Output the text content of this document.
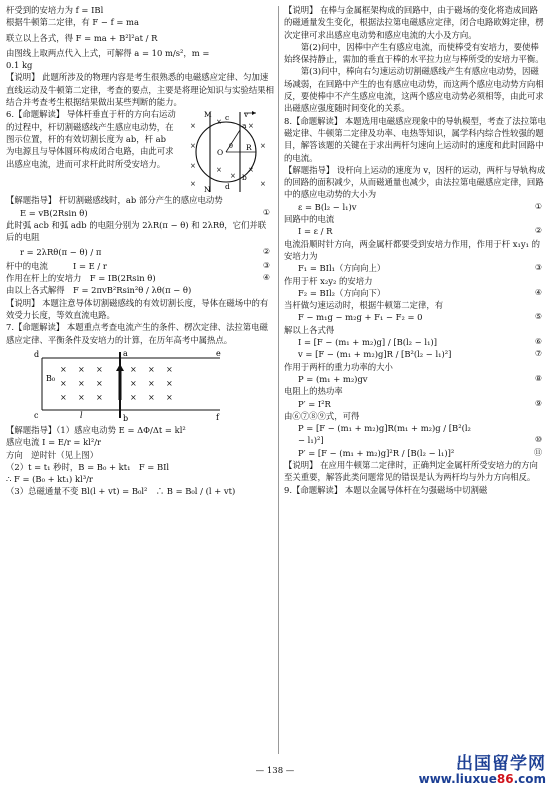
杆受到的安培力为 f = IBl

根据牛顿第二定律，有 F − f = ma

联立以上各式，得 F = ma + B²l²at / R

由图线上取两点代入上式，可解得 a = 10 m/s²，m =

0.1 kg

【说明】 此题所涉及的物理内容是考生很熟悉的电磁感应定律、匀加速直线运动及牛顿第二定律，考查的要点，主要是将理论知识与实验结果相结合并考查考生根据结果做出某些判断的能力。

×
×
×
×
×
×
×
×
×
×
×
M c
a
v
O
θ R
d
b
N

6.【命题解读】 导体杆垂直于杆的方向右运动的过程中，杆切割磁感线产生感应电动势，在图示位置，杆的有效切割长度为 ab，杆 ab 为电源且与导体圆环构成闭合电路，由此可求出感应电流，进而可求杆此时所受安培力。

【解题指导】 杆切割磁感线时，ab 部分产生的感应电动势

E = vB(2Rsin θ)	①

此时弧 acb 和弧 adb 的电阻分别为 2λR(π − θ) 和 2λRθ，它们并联后的电阻

r = 2λRθ(π − θ) / π	②
杆中的电流　　　	I = E / r	③
作用在杆上的安培力　 F = IB(2Rsin θ)	④
由以上各式解得　 F = 2πvB²Rsin²θ / λθ(π − θ)

【说明】 本题注意导体切割磁感线的有效切割长度，导体在磁场中的有效受力长度，等效直流电路。

7.【命题解读】 本题重点考查电流产生的条件、楞次定律、法拉第电磁感应定律、平衡条件及安培力的计算，在历年高考中属热点。

× × ×	× × ×
× × ×	× × ×
× × ×	× × ×
d	a	e
c	b	f
B₀
l

【解题指导】（1）感应电动势 E = ΔΦ/Δt = kl²

感应电流 I = E/r = kl²/r

方向　逆时针（见上图）

（2）t = t₁ 秒时，B = B₀ + kt₁　F = BIl

∴ F = (B₀ + kt₁) kl³/r

（3）总磁通量不变 Bl(l + vt) = B₀l²　∴ B = B₀l / (l + vt)

【说明】 在棒与金属框架构成的回路中，由于磁场的变化将造成回路的磁通量发生变化，根据法拉第电磁感应定律，闭合电路欧姆定律，楞次定律可求出感应电动势和感应电流的大小及方向。

第(2)问中，因棒中产生有感应电流，而使棒受有安培力，要使棒始终保持静止，需加的垂直于棒的水平拉力应与棒所受的安培力平衡。

第(3)问中，棒向右匀速运动切割磁感线产生有感应电动势，因磁场减弱，在回路中产生的也有感应电动势，而这两个感应电动势方向相反，要使棒中不产生感应电流，这两个感应电动势必须相等，由此可求出磁感应强度随时间变化的关系。

8.【命题解读】 本题选用电磁感应现象中的导轨模型，考查了法拉第电磁定律、牛顿第二定律及功率、电热等知识，属学科内综合性较强的题目，解答该题的关键在于求出两杆匀速向上运动时的速度和此时回路中的电流。

【解题指导】 设杆向上运动的速度为 v，因杆的运动，两杆与导轨构成的回路的面积减少，从而磁通量也减少，由法拉第电磁感应定律，回路中的感应电动势的大小为

ε = B(l₂ − l₁)v	①

回路中的电流

I = ε / R	②

电流沿顺时针方向，两金属杆都要受到安培力作用，作用于杆 x₁y₁ 的安培力为

F₁ = BIl₁（方向向上）	③

作用于杆 x₂y₂ 的安培力

F₂ = BIl₂（方向向下）	④

当杆做匀速运动时，根据牛顿第二定律，有

F − m₁g − m₂g + F₁ − F₂ = 0	⑤

解以上各式得

I = [F − (m₁ + m₂)g] / [B(l₂ − l₁)]	⑥
v = [F − (m₁ + m₂)g]R / [B²(l₂ − l₁)²]	⑦

作用于两杆的重力功率的大小

P = (m₁ + m₂)gv	⑧

电阻上的热功率

P′ = I²R	⑨

由⑥⑦⑧⑨式，可得

P = [F − (m₁ + m₂)g]R(m₁ + m₂)g / [B²(l₂

− l₁)²]	⑩
P′ = [F − (m₁ + m₂)g]²R / [B(l₂ − l₁)]²	⑪

【说明】 在应用牛顿第二定律时，正确判定金属杆所受安培力的方向至关重要，解答此类问题常见的错误是认为两杆均与外力方向相反。

9.【命题解读】 本题以金属导体杆在匀强磁场中切割磁

— 138 —	出国留学网
www.liuxue86.com
